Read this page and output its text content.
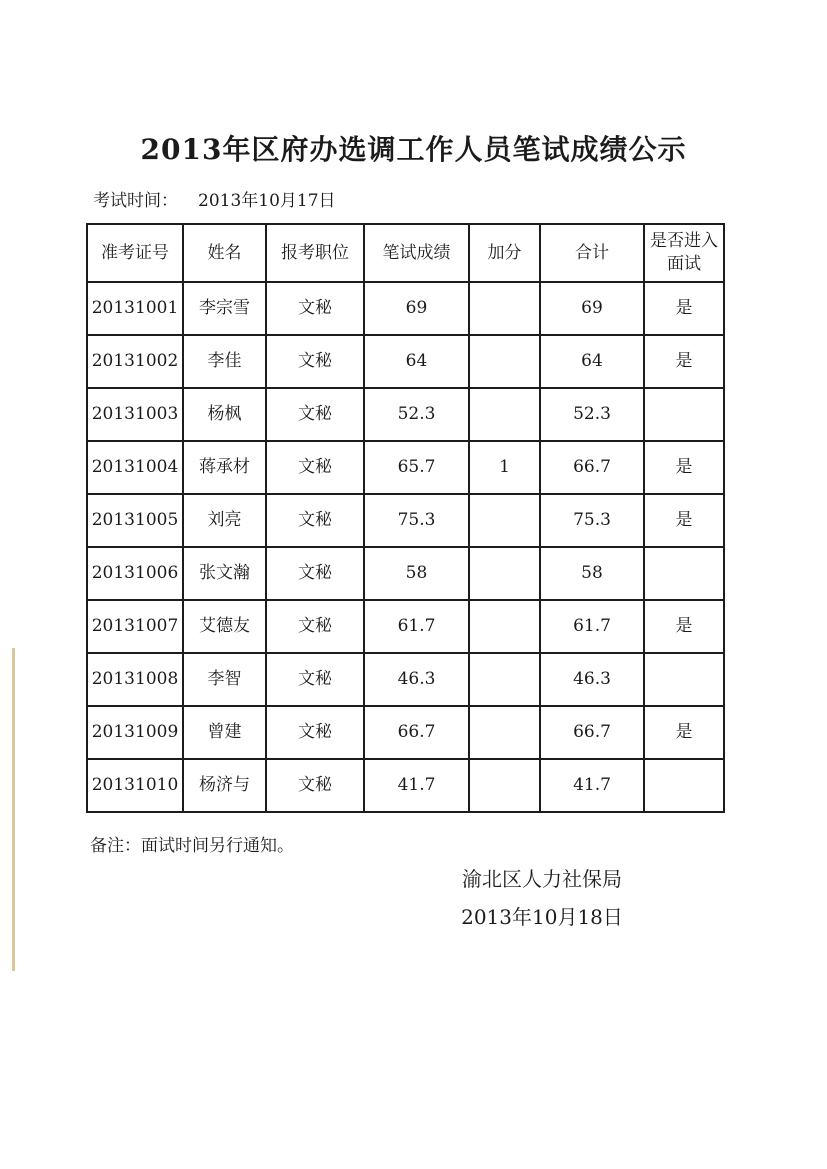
2013年区府办选调工作人员笔试成绩公示
考试时间： 2013年10月17日
准考证号	姓名	报考职位	笔试成绩	加分	合计	是否进入面试
20131001	李宗雪	文秘	69		69	是
20131002	李佳	文秘	64		64	是
20131003	杨枫	文秘	52.3		52.3	
20131004	蒋承材	文秘	65.7	1	66.7	是
20131005	刘亮	文秘	75.3		75.3	是
20131006	张文瀚	文秘	58		58	
20131007	艾德友	文秘	61.7		61.7	是
20131008	李智	文秘	46.3		46.3	
20131009	曾建	文秘	66.7		66.7	是
20131010	杨济与	文秘	41.7		41.7	
备注：面试时间另行通知。
渝北区人力社保局
2013年10月18日
